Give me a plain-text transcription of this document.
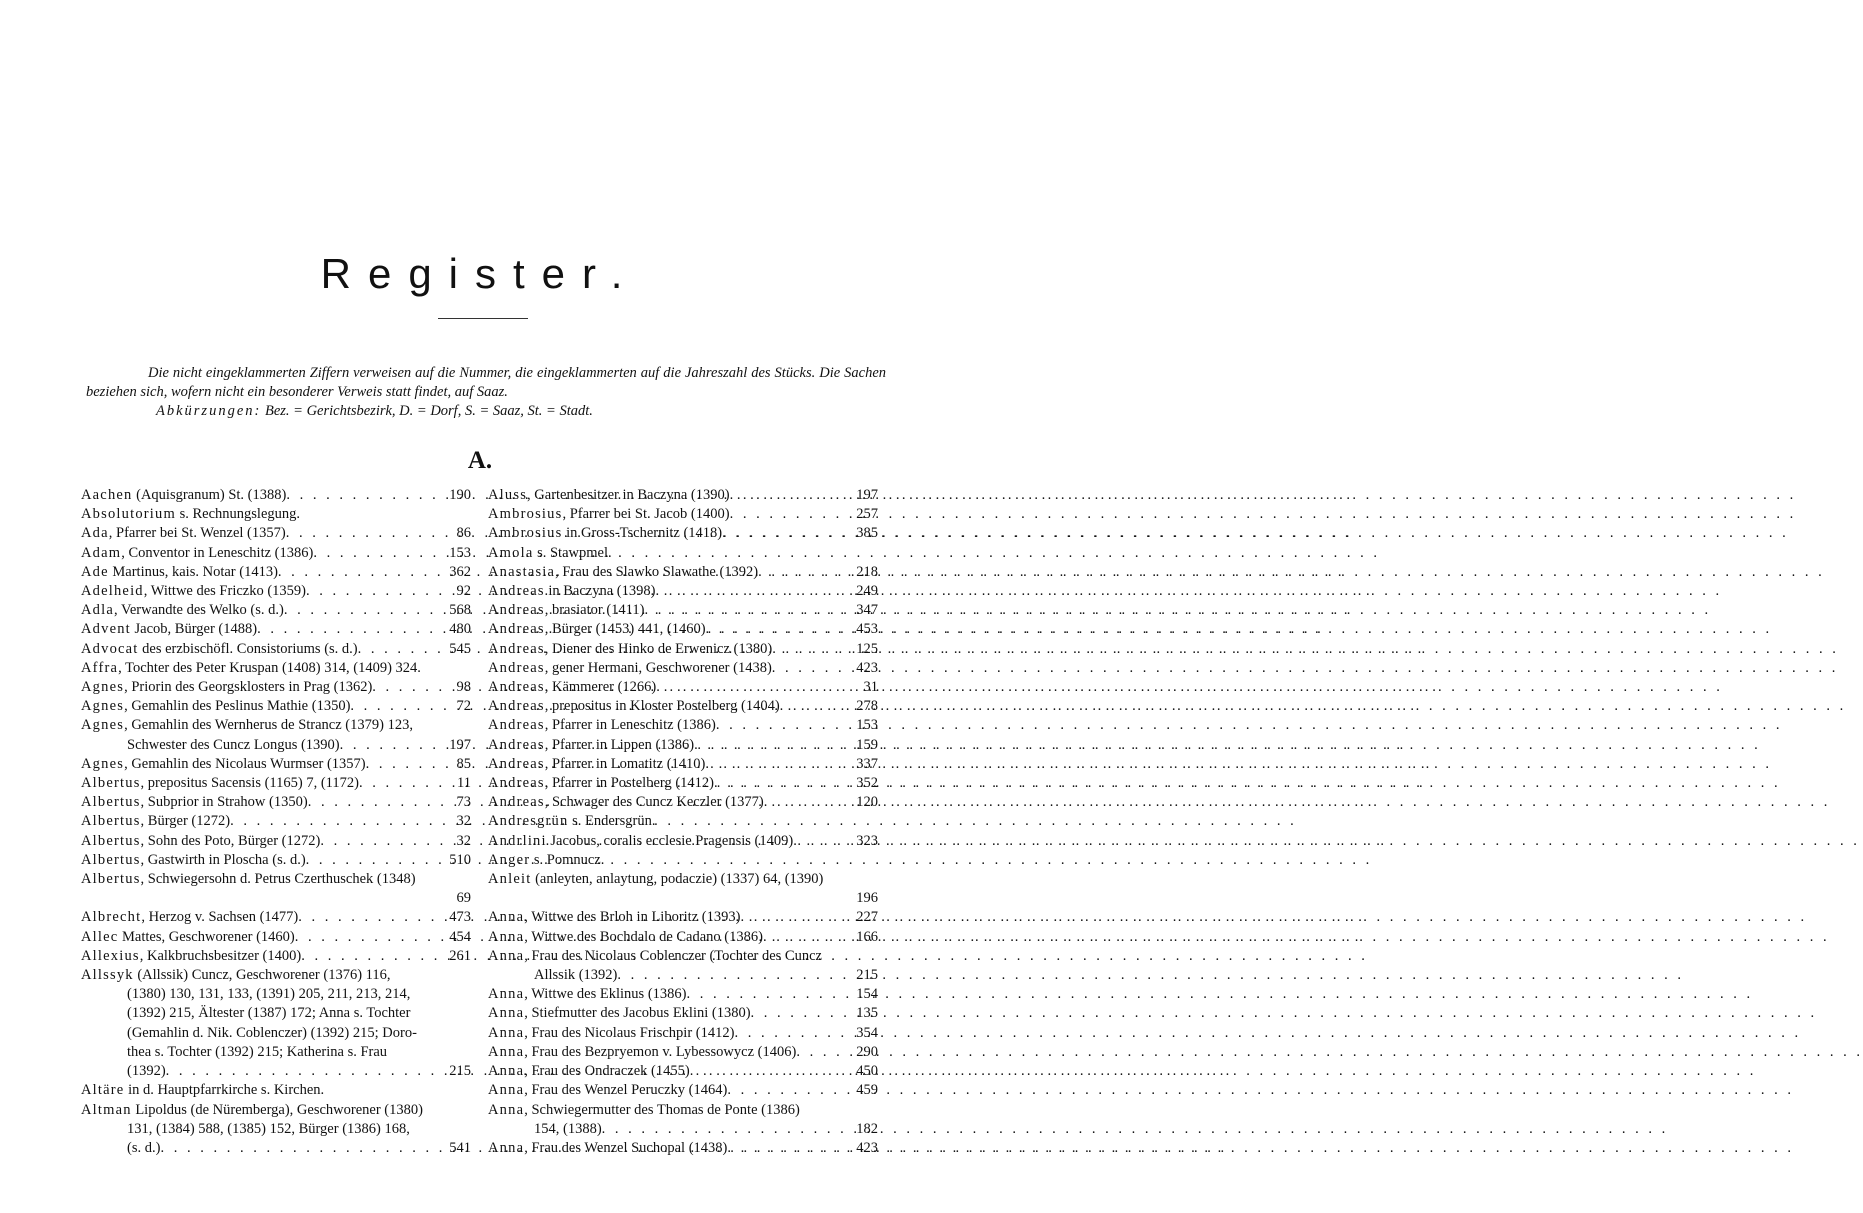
Register.

Die nicht eingeklammerten Ziffern verweisen auf die Nummer, die eingeklammerten auf die Jahreszahl des Stücks. Die Sachen beziehen sich, wofern nicht ein besonderer Verweis statt findet, auf Saaz.

Abkürzungen: Bez. = Gerichtsbezirk, D. = Dorf, S. = Saaz, St. = Stadt.

A.
Aachen (Aquisgranum) St. (1388) . . .	190
Absolutorium s. Rechnungslegung.
Ada, Pfarrer bei St. Wenzel (1357) . . .	86
Adam, Conventor in Leneschitz (1386) . . .	153
Ade Martinus, kais. Notar (1413) . . .	362
Adelheid, Wittwe des Friczko (1359) . . .	92
Adla, Verwandte des Welko (s. d.) . . .	568
Advent Jacob, Bürger (1488) . . .	480
Advocat des erzbischöfl. Consistoriums (s. d.) . . .	545
Affra, Tochter des Peter Kruspan (1408) 314, (1409) 324.
Agnes, Priorin des Georgsklosters in Prag (1362) . . .	98
Agnes, Gemahlin des Peslinus Mathie (1350) . . .	72
Agnes, Gemahlin des Wernherus de Strancz (1379) 123,
Schwester des Cuncz Longus (1390) . . .	197
Agnes, Gemahlin des Nicolaus Wurmser (1357) . . .	85
Albertus, prepositus Sacensis (1165) 7, (1172) . . .	11
Albertus, Subprior in Strahow (1350) . . .	73
Albertus, Bürger (1272) . . .	32
Albertus, Sohn des Poto, Bürger (1272) . . .	32
Albertus, Gastwirth in Ploscha (s. d.) . . .	510
Albertus, Schwiegersohn d. Petrus Czerthuschek (1348)
69
Albrecht, Herzog v. Sachsen (1477) . . .	473
Allec Mattes, Geschworener (1460) . . .	454
Allexius, Kalkbruchsbesitzer (1400) . . .	261
Allssyk (Allssik) Cuncz, Geschworener (1376) 116,
(1380) 130, 131, 133, (1391) 205, 211, 213, 214,
(1392) 215, Ältester (1387) 172; Anna s. Tochter
(Gemahlin d. Nik. Coblenczer) (1392) 215; Doro-
thea s. Tochter (1392) 215; Katherina s. Frau
(1392) . . .	215
Altäre in d. Hauptpfarrkirche s. Kirchen.
Altman Lipoldus (de Nüremberga), Geschworener (1380)
131, (1384) 588, (1385) 152, Bürger (1386) 168,
(s. d.) . . .	541
Aluss, Gartenbesitzer in Baczyna (1390) . . .	197
Ambrosius, Pfarrer bei St. Jacob (1400) . . .	257
Ambrosius in Gross-Tschernitz (1418) . . .	385
Amola s. Stawpmel.
Anastasia, Frau des Slawko Slawathe (1392) . . .	218
Andreas in Baczyna (1398) . . .	249
Andreas, brasiator (1411) . . .	347
Andreas, Bürger (1453) 441, (1460) . . .	453
Andreas, Diener des Hinko de Erwenicz (1380) . . .	125
Andreas, gener Hermani, Geschworener (1438) . . .	423
Andreas, Kämmerer (1266) . . .	31
Andreas, prepositus in Kloster Postelberg (1404) . . .	278
Andreas, Pfarrer in Leneschitz (1386) . . .	153
Andreas, Pfarrer in Lippen (1386) . . .	159
Andreas, Pfarrer in Lomatitz (1410) . . .	337
Andreas, Pfarrer in Postelberg (1412) . . .	352
Andreas, Schwager des Cuncz Keczler (1377) . . .	120
Andresgrün s. Endersgrün.
Andrlini Jacobus, coralis ecclesie Pragensis (1409) . . .	323
Anger s. Pomnucz.
Anleit (anleyten, anlaytung, podaczie) (1337) 64, (1390)
196
Anna, Wittwe des Brloh in Liboritz (1393) . . .	227
Anna, Wittwe des Bochdalo de Cadano (1386) . . .	166
Anna, Frau des Nicolaus Coblenczer (Tochter des Cuncz
Allssik (1392) . . .	215
Anna, Wittwe des Eklinus (1386) . . .	154
Anna, Stiefmutter des Jacobus Eklini (1380) . . .	135
Anna, Frau des Nicolaus Frischpir (1412) . . .	354
Anna, Frau des Bezpryemon v. Lybessowycz (1406) . . .	290
Anna, Frau des Ondraczek (1455) . . .	450
Anna, Frau des Wenzel Peruczky (1464) . . .	459
Anna, Schwiegermutter des Thomas de Ponte (1386)
154, (1388) . . .	182
Anna, Frau des Wenzel Suchopal (1438) . . .	423
